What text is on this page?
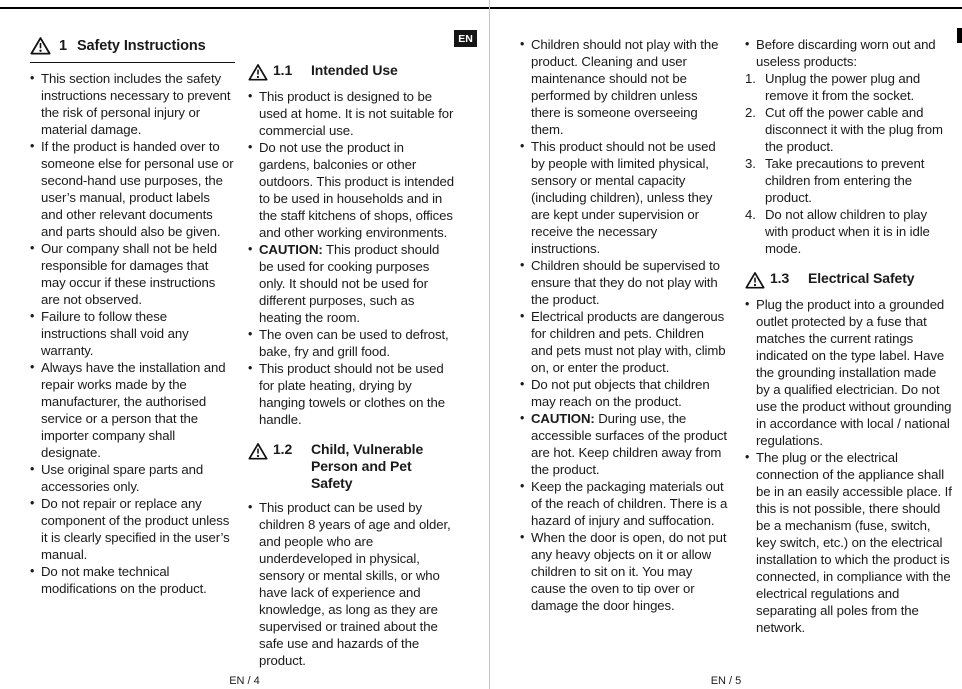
EN
1 Safety Instructions
• This section includes the safety instructions necessary to prevent the risk of personal injury or material damage.
• If the product is handed over to someone else for personal use or second-hand use purposes, the user’s manual, product labels and other relevant documents and parts should also be given.
• Our company shall not be held responsible for damages that may occur if these instructions are not observed.
• Failure to follow these instructions shall void any warranty.
• Always have the installation and repair works made by the manufacturer, the authorised service or a person that the importer company shall designate.
• Use original spare parts and accessories only.
• Do not repair or replace any component of the product unless it is clearly specified in the user’s manual.
• Do not make technical modifications on the product.
1.1	Intended Use
• This product is designed to be used at home. It is not suitable for commercial use.
• Do not use the product in gardens, balconies or other outdoors. This product is intended to be used in households and in the staff kitchens of shops, offices and other working environments.
• CAUTION: This product should be used for cooking purposes only. It should not be used for different purposes, such as heating the room.
• The oven can be used to defrost, bake, fry and grill food.
• This product should not be used for plate heating, drying by hanging towels or clothes on the handle.
1.2	Child, Vulnerable Person and Pet Safety
• This product can be used by children 8 years of age and older, and people who are underdeveloped in physical, sensory or mental skills, or who have lack of experience and knowledge, as long as they are supervised or trained about the safe use and hazards of the product.
EN / 4
• Children should not play with the product. Cleaning and user maintenance should not be performed by children unless there is someone overseeing them.
• This product should not be used by people with limited physical, sensory or mental capacity (including children), unless they are kept under supervision or receive the necessary instructions.
• Children should be supervised to ensure that they do not play with the product.
• Electrical products are dangerous for children and pets. Children and pets must not play with, climb on, or enter the product.
• Do not put objects that children may reach on the product.
• CAUTION: During use, the accessible surfaces of the product are hot. Keep children away from the product.
• Keep the packaging materials out of the reach of children. There is a hazard of injury and suffocation.
• When the door is open, do not put any heavy objects on it or allow children to sit on it. You may cause the oven to tip over or damage the door hinges.
• Before discarding worn out and useless products:
1. Unplug the power plug and remove it from the socket.
2. Cut off the power cable and disconnect it with the plug from the product.
3. Take precautions to prevent children from entering the product.
4. Do not allow children to play with product when it is in idle mode.
1.3	Electrical Safety
• Plug the product into a grounded outlet protected by a fuse that matches the current ratings indicated on the type label. Have the grounding installation made by a qualified electrician. Do not use the product without grounding in accordance with local / national regulations.
• The plug or the electrical connection of the appliance shall be in an easily accessible place. If this is not possible, there should be a mechanism (fuse, switch, key switch, etc.) on the electrical installation to which the product is connected, in compliance with the electrical regulations and separating all poles from the network.
EN / 5
